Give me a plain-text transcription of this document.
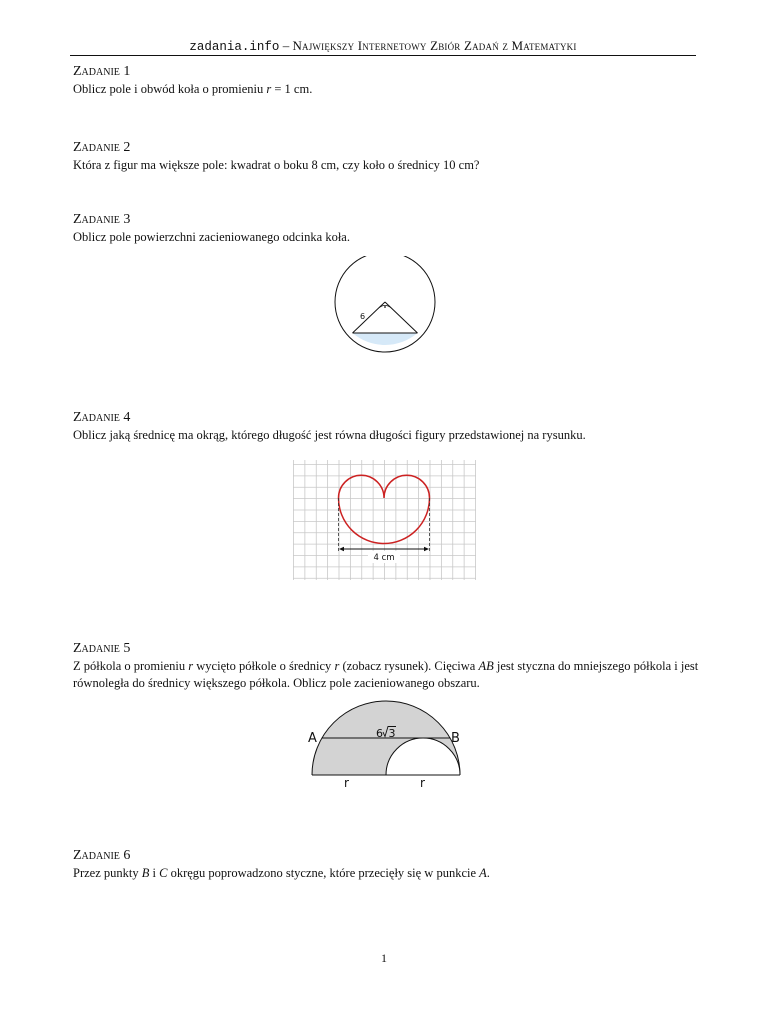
zadania.info – Największy Internetowy Zbiór Zadań z Matematyki
Zadanie 1
Oblicz pole i obwód koła o promieniu r = 1 cm.
Zadanie 2
Która z figur ma większe pole: kwadrat o boku 8 cm, czy koło o średnicy 10 cm?
Zadanie 3
Oblicz pole powierzchni zacieniowanego odcinka koła.
6
Zadanie 4
Oblicz jaką średnicę ma okrąg, którego długość jest równa długości figury przedstawionej na rysunku.
4 cm
Zadanie 5
Z półkola o promieniu r wycięto półkole o średnicy r (zobacz rysunek). Cięciwa AB jest styczna do mniejszego półkola i jest równoległa do średnicy większego półkola. Oblicz pole zacieniowanego obszaru.
A	B
6 3
r	r
Zadanie 6
Przez punkty B i C okręgu poprowadzono styczne, które przecięły się w punkcie A.
1
